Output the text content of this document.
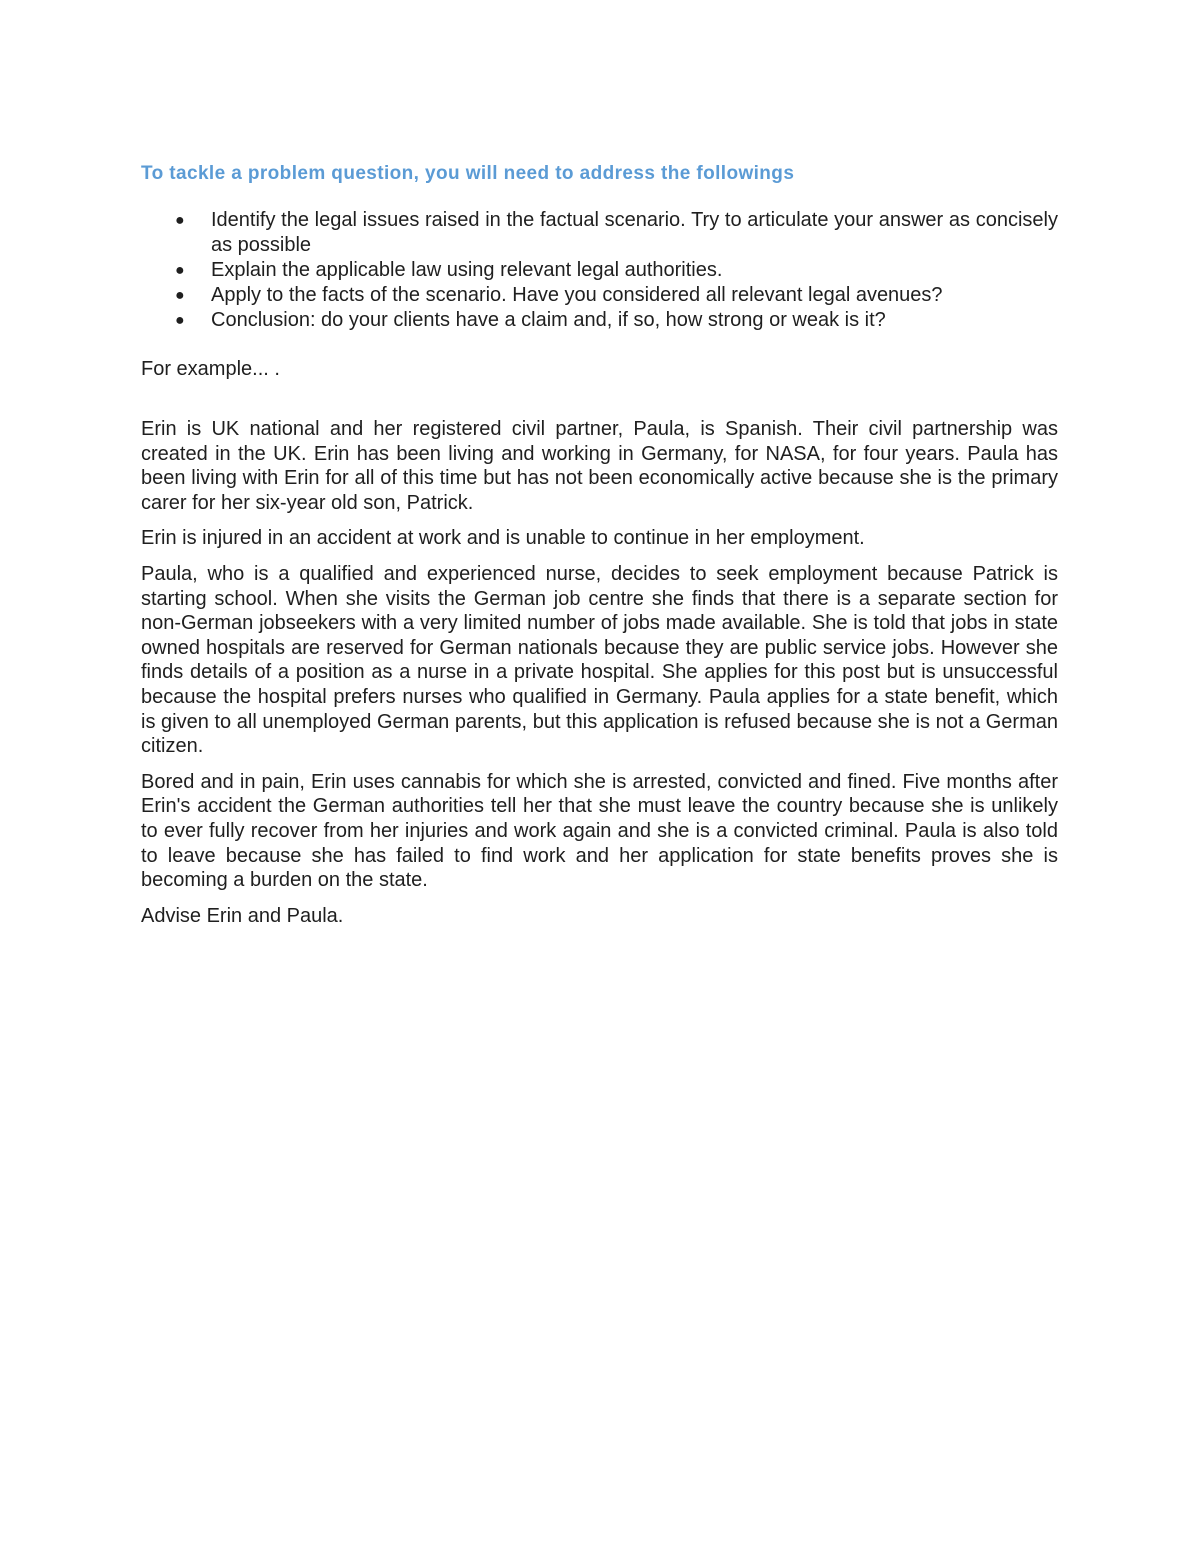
To tackle a problem question, you will need to address the followings
● Identify the legal issues raised in the factual scenario. Try to articulate your answer as concisely as possible
● Explain the applicable law using relevant legal authorities.
● Apply to the facts of the scenario. Have you considered all relevant legal avenues?
● Conclusion: do your clients have a claim and, if so, how strong or weak is it?

For example... .

Erin is UK national and her registered civil partner, Paula, is Spanish. Their civil partnership was created in the UK. Erin has been living and working in Germany, for NASA, for four years. Paula has been living with Erin for all of this time but has not been economically active because she is the primary carer for her six-year old son, Patrick.

Erin is injured in an accident at work and is unable to continue in her employment.

Paula, who is a qualified and experienced nurse, decides to seek employment because Patrick is starting school. When she visits the German job centre she finds that there is a separate section for non-German jobseekers with a very limited number of jobs made available. She is told that jobs in state owned hospitals are reserved for German nationals because they are public service jobs. However she finds details of a position as a nurse in a private hospital. She applies for this post but is unsuccessful because the hospital prefers nurses who qualified in Germany. Paula applies for a state benefit, which is given to all unemployed German parents, but this application is refused because she is not a German citizen.

Bored and in pain, Erin uses cannabis for which she is arrested, convicted and fined. Five months after Erin's accident the German authorities tell her that she must leave the country because she is unlikely to ever fully recover from her injuries and work again and she is a convicted criminal. Paula is also told to leave because she has failed to find work and her application for state benefits proves she is becoming a burden on the state.

Advise Erin and Paula.
